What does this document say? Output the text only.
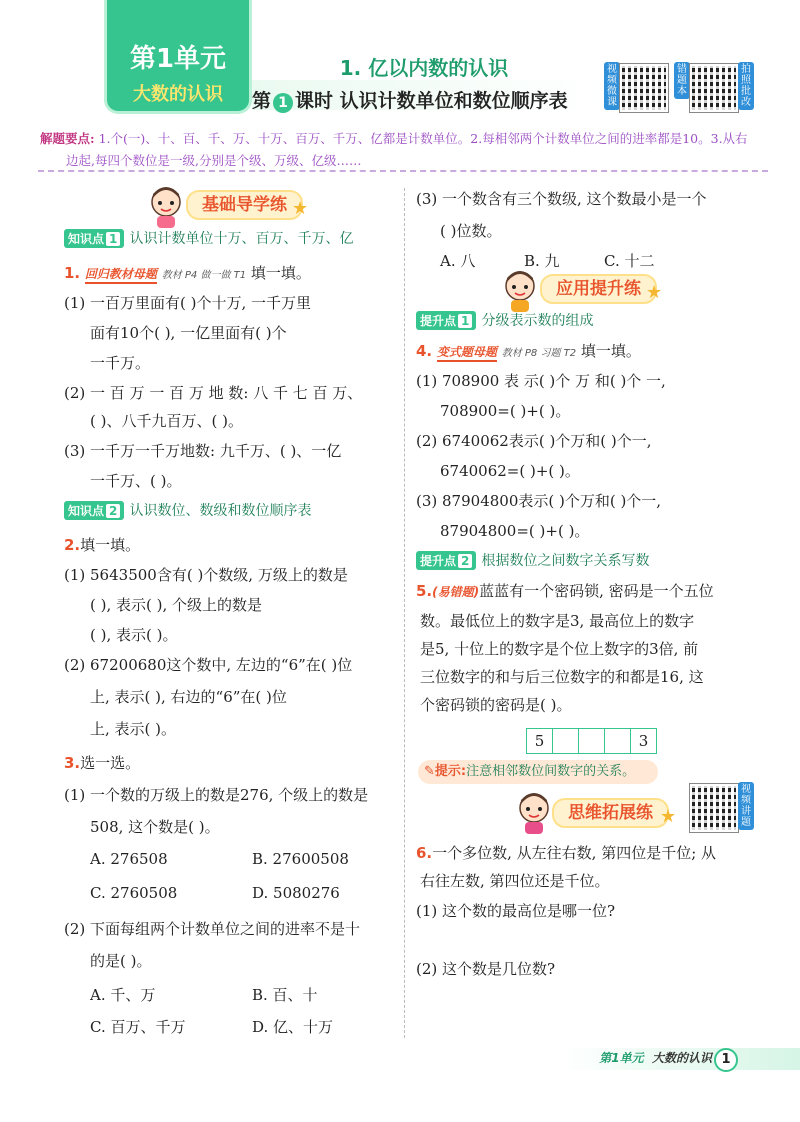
第1单元
大数的认识
1. 亿以内数的认识
第 1 课时 认识计数单位和数位顺序表
视频微课
错题本
拍照批改
解题要点: 1.个(一)、十、百、千、万、十万、百万、千万、亿都是计数单位。2.每相邻两个计数单位之间的进率都是10。3.从右
边起,每四个数位是一级,分别是个级、万级、亿级……
基础导学练 ★
知识点 1 认识计数单位十万、百万、千万、亿
1. 回归教材母题 教材 P4 做一做 T1 填一填。
(1) 一百万里面有( )个十万, 一千万里
面有10个( ), 一亿里面有( )个
一千万。
(2) 一 百 万 一 百 万 地 数: 八 千 七 百 万、
( )、八千九百万、( )。
(3) 一千万一千万地数: 九千万、( )、一亿
一千万、( )。
知识点 2 认识数位、数级和数位顺序表
2.填一填。
(1) 5643500含有( )个数级, 万级上的数是
( ), 表示( ), 个级上的数是
( ), 表示( )。
(2) 67200680这个数中, 左边的“6”在( )位
上, 表示( ), 右边的“6”在( )位
上, 表示( )。
3.选一选。
(1) 一个数的万级上的数是276, 个级上的数是
508, 这个数是( )。
A. 276508	B. 27600508
C. 2760508	D. 5080276
(2) 下面每组两个计数单位之间的进率不是十
的是( )。
A. 千、万	B. 百、十
C. 百万、千万	D. 亿、十万
(3) 一个数含有三个数级, 这个数最小是一个
( )位数。
A. 八	B. 九	C. 十二
应用提升练 ★
提升点 1 分级表示数的组成
4. 变式题母题 教材 P8 习题 T2 填一填。
(1) 708900 表 示( )个 万 和( )个 一,
708900=( )+( )。
(2) 6740062表示( )个万和( )个一,
6740062=( )+( )。
(3) 87904800表示( )个万和( )个一,
87904800=( )+( )。
提升点 2 根据数位之间数字关系写数
5.(易错题)蓝蓝有一个密码锁, 密码是一个五位
数。最低位上的数字是3, 最高位上的数字
是5, 十位上的数字是个位上数字的3倍, 前
三位数字的和与后三位数字的和都是16, 这
个密码锁的密码是( )。
5				3
✎提示:注意相邻数位间数字的关系。
思维拓展练 ★
视频讲题
6.一个多位数, 从左往右数, 第四位是千位; 从
右往左数, 第四位还是千位。
(1) 这个数的最高位是哪一位?
(2) 这个数是几位数?
第1单元 大数的认识 1
